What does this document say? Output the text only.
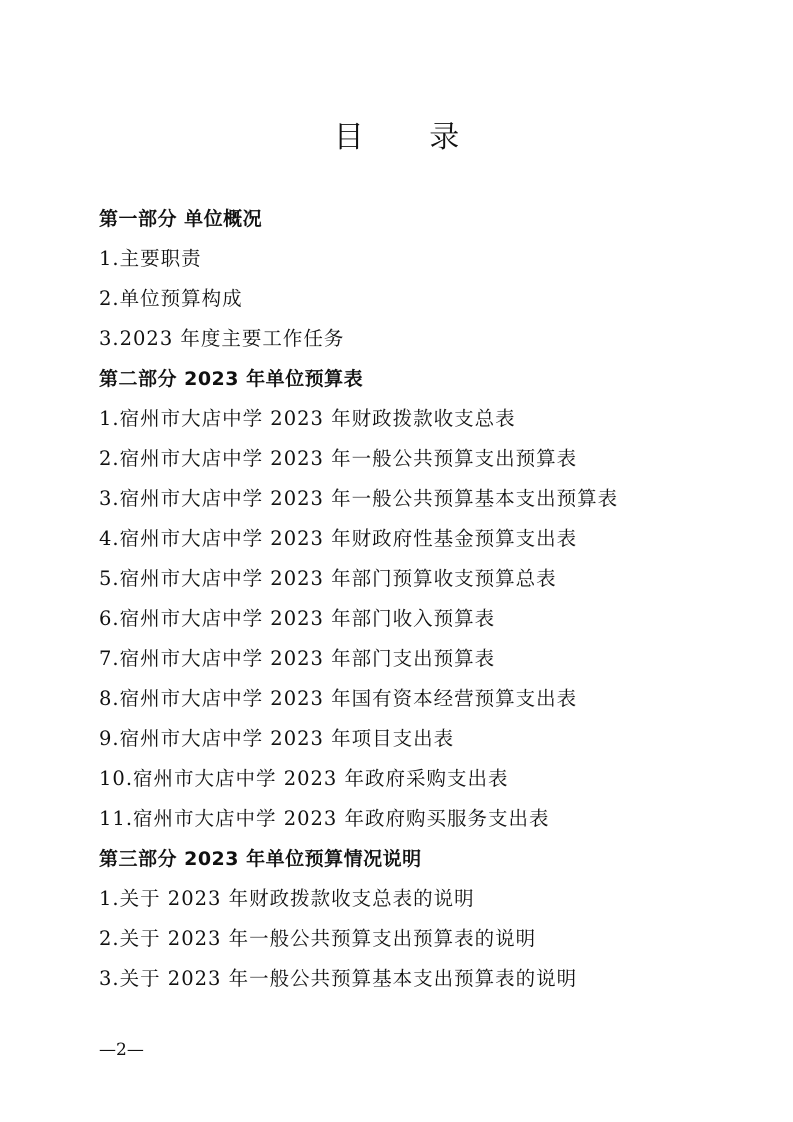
目 录
第一部分 单位概况
1.主要职责
2.单位预算构成
3.2023 年度主要工作任务
第二部分 2023 年单位预算表
1.宿州市大店中学 2023 年财政拨款收支总表
2.宿州市大店中学 2023 年一般公共预算支出预算表
3.宿州市大店中学 2023 年一般公共预算基本支出预算表
4.宿州市大店中学 2023 年财政府性基金预算支出表
5.宿州市大店中学 2023 年部门预算收支预算总表
6.宿州市大店中学 2023 年部门收入预算表
7.宿州市大店中学 2023 年部门支出预算表
8.宿州市大店中学 2023 年国有资本经营预算支出表
9.宿州市大店中学 2023 年项目支出表
10.宿州市大店中学 2023 年政府采购支出表
11.宿州市大店中学 2023 年政府购买服务支出表
第三部分 2023 年单位预算情况说明
1.关于 2023 年财政拨款收支总表的说明
2.关于 2023 年一般公共预算支出预算表的说明
3.关于 2023 年一般公共预算基本支出预算表的说明
—2—
